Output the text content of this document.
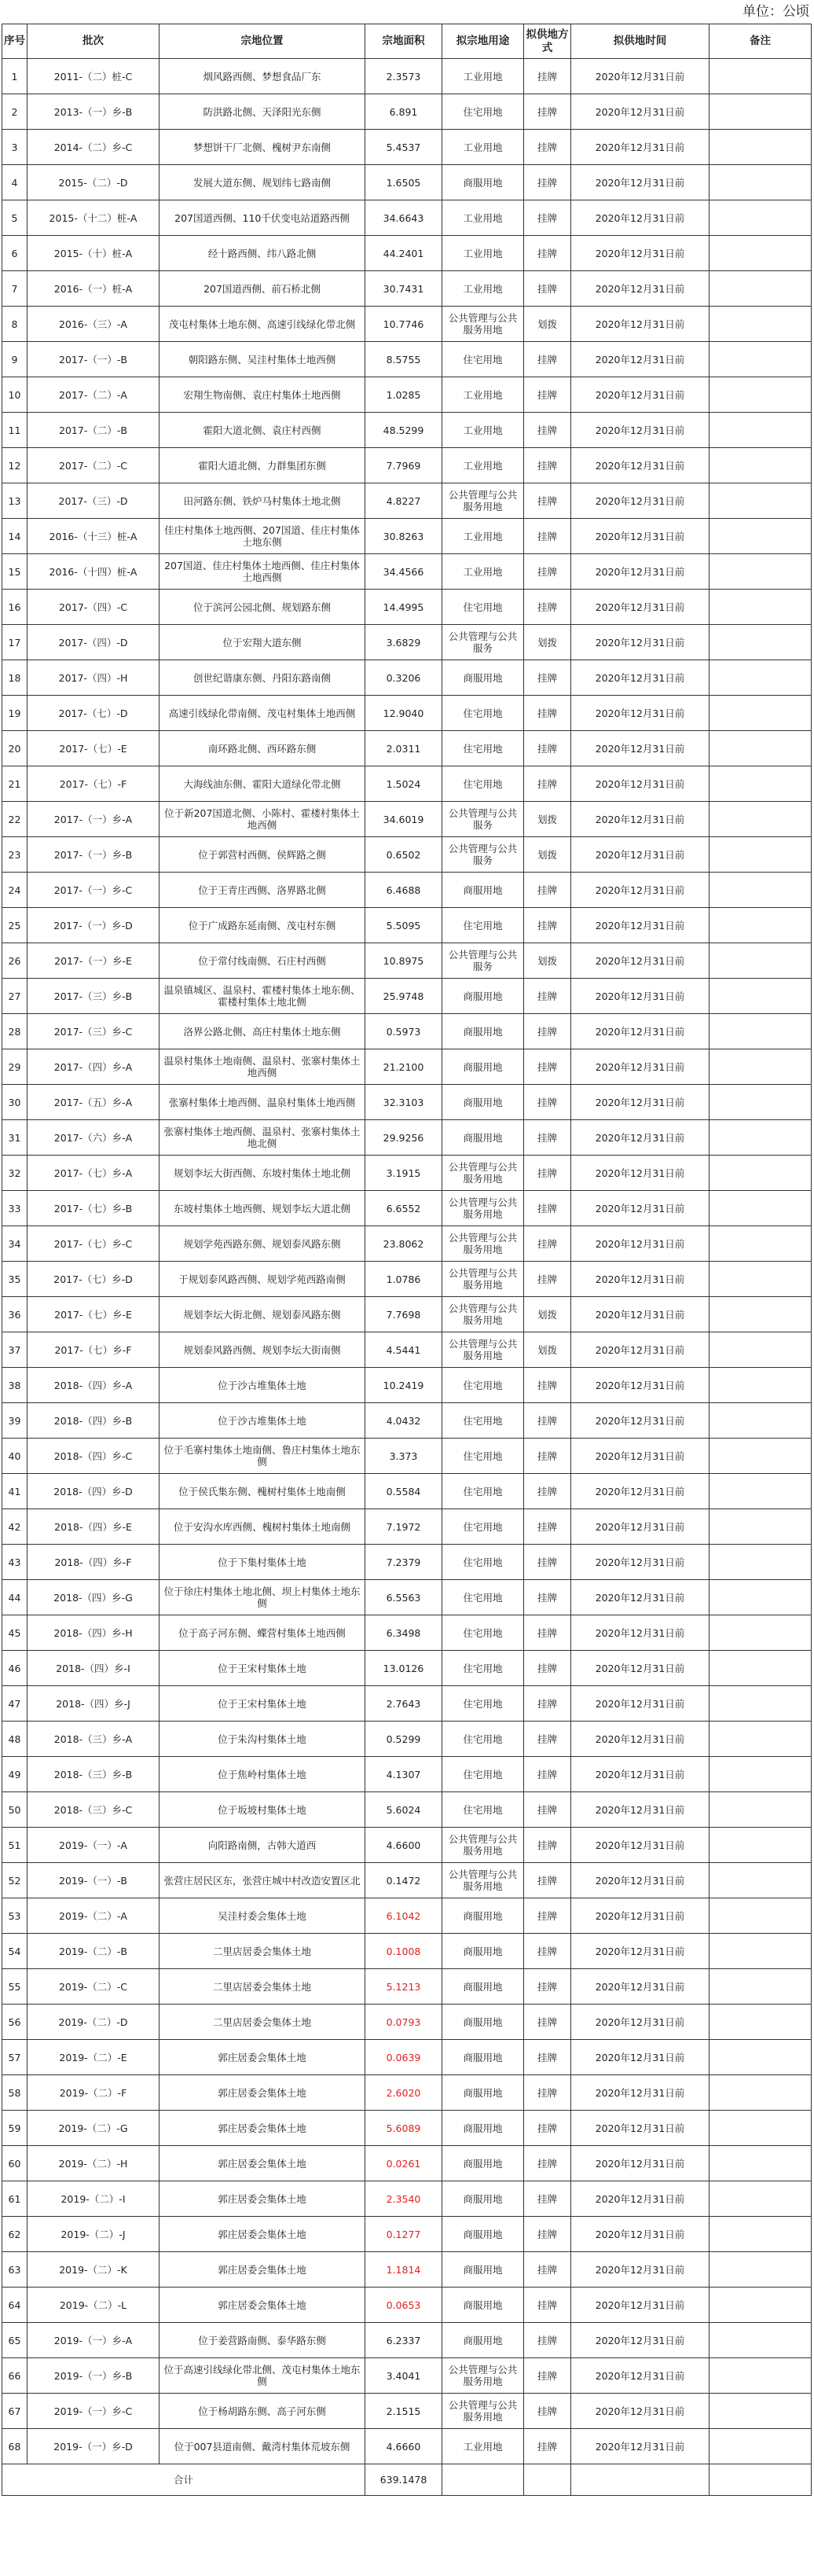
单位：公顷
序号	批次	宗地位置	宗地面积	拟宗地用途	拟供地方式	拟供地时间	备注
1	2011-（二）桩-C	烟风路西侧、梦想食品厂东	2.3573	工业用地	挂牌	2020年12月31日前	
2	2013-（一）乡-B	防洪路北侧、天泽阳光东侧	6.891	住宅用地	挂牌	2020年12月31日前	
3	2014-（二）乡-C	梦想饼干厂北侧、槐树尹东南侧	5.4537	工业用地	挂牌	2020年12月31日前	
4	2015-（二）-D	发展大道东侧、规划纬七路南侧	1.6505	商服用地	挂牌	2020年12月31日前	
5	2015-（十二）桩-A	207国道西侧、110千伏变电站道路西侧	34.6643	工业用地	挂牌	2020年12月31日前	
6	2015-（十）桩-A	经十路西侧、纬八路北侧	44.2401	工业用地	挂牌	2020年12月31日前	
7	2016-（一）桩-A	207国道西侧、前石桥北侧	30.7431	工业用地	挂牌	2020年12月31日前	
8	2016-（三）-A	茂屯村集体土地东侧、高速引线绿化带北侧	10.7746	公共管理与公共服务用地	划拨	2020年12月31日前	
9	2017-（一）-B	朝阳路东侧、吴洼村集体土地西侧	8.5755	住宅用地	挂牌	2020年12月31日前	
10	2017-（二）-A	宏翔生物南侧、袁庄村集体土地西侧	1.0285	工业用地	挂牌	2020年12月31日前	
11	2017-（二）-B	霍阳大道北侧、袁庄村西侧	48.5299	工业用地	挂牌	2020年12月31日前	
12	2017-（二）-C	霍阳大道北侧、力群集团东侧	7.7969	工业用地	挂牌	2020年12月31日前	
13	2017-（三）-D	田河路东侧、铁炉马村集体土地北侧	4.8227	公共管理与公共服务用地	挂牌	2020年12月31日前	
14	2016-（十三）桩-A	佳庄村集体土地西侧、207国道、佳庄村集体土地东侧	30.8263	工业用地	挂牌	2020年12月31日前	
15	2016-（十四）桩-A	207国道、佳庄村集体土地西侧、佳庄村集体土地西侧	34.4566	工业用地	挂牌	2020年12月31日前	
16	2017-（四）-C	位于滨河公园北侧、规划路东侧	14.4995	住宅用地	挂牌	2020年12月31日前	
17	2017-（四）-D	位于宏翔大道东侧	3.6829	公共管理与公共服务	划拨	2020年12月31日前	
18	2017-（四）-H	创世纪谐康东侧、丹阳东路南侧	0.3206	商服用地	挂牌	2020年12月31日前	
19	2017-（七）-D	高速引线绿化带南侧、茂屯村集体土地西侧	12.9040	住宅用地	挂牌	2020年12月31日前	
20	2017-（七）-E	南环路北侧、西环路东侧	2.0311	住宅用地	挂牌	2020年12月31日前	
21	2017-（七）-F	大海线油东侧、霍阳大道绿化带北侧	1.5024	住宅用地	挂牌	2020年12月31日前	
22	2017-（一）乡-A	位于新207国道北侧、小陈村、霍楼村集体土地西侧	34.6019	公共管理与公共服务	划拨	2020年12月31日前	
23	2017-（一）乡-B	位于郭营村西侧、侯辉路之侧	0.6502	公共管理与公共服务	划拨	2020年12月31日前	
24	2017-（一）乡-C	位于王青庄西侧、洛界路北侧	6.4688	商服用地	挂牌	2020年12月31日前	
25	2017-（一）乡-D	位于广成路东延南侧、茂屯村东侧	5.5095	住宅用地	挂牌	2020年12月31日前	
26	2017-（一）乡-E	位于常付线南侧、石庄村西侧	10.8975	公共管理与公共服务	划拨	2020年12月31日前	
27	2017-（三）乡-B	温泉镇城区、温泉村、霍楼村集体土地东侧、霍楼村集体土地北侧	25.9748	商服用地	挂牌	2020年12月31日前	
28	2017-（三）乡-C	洛界公路北侧、高庄村集体土地东侧	0.5973	商服用地	挂牌	2020年12月31日前	
29	2017-（四）乡-A	温泉村集体土地南侧、温泉村、张寨村集体土地西侧	21.2100	商服用地	挂牌	2020年12月31日前	
30	2017-（五）乡-A	张寨村集体土地西侧、温泉村集体土地西侧	32.3103	商服用地	挂牌	2020年12月31日前	
31	2017-（六）乡-A	张寨村集体土地西侧、温泉村、张寨村集体土地北侧	29.9256	商服用地	挂牌	2020年12月31日前	
32	2017-（七）乡-A	规划李坛大街西侧、东坡村集体土地北侧	3.1915	公共管理与公共服务用地	挂牌	2020年12月31日前	
33	2017-（七）乡-B	东坡村集体土地西侧、规划李坛大道北侧	6.6552	公共管理与公共服务用地	挂牌	2020年12月31日前	
34	2017-（七）乡-C	规划学苑西路东侧、规划泰风路东侧	23.8062	公共管理与公共服务用地	挂牌	2020年12月31日前	
35	2017-（七）乡-D	于规划泰风路西侧、规划学苑西路南侧	1.0786	公共管理与公共服务用地	挂牌	2020年12月31日前	
36	2017-（七）乡-E	规划李坛大街北侧、规划泰风路东侧	7.7698	公共管理与公共服务用地	划拨	2020年12月31日前	
37	2017-（七）乡-F	规划泰风路西侧、规划李坛大街南侧	4.5441	公共管理与公共服务用地	划拨	2020年12月31日前	
38	2018-（四）乡-A	位于沙古堆集体土地	10.2419	住宅用地	挂牌	2020年12月31日前	
39	2018-（四）乡-B	位于沙古堆集体土地	4.0432	住宅用地	挂牌	2020年12月31日前	
40	2018-（四）乡-C	位于毛寨村集体土地南侧、鲁庄村集体土地东侧	3.373	住宅用地	挂牌	2020年12月31日前	
41	2018-（四）乡-D	位于侯氏集东侧、槐树村集体土地南侧	0.5584	住宅用地	挂牌	2020年12月31日前	
42	2018-（四）乡-E	位于安沟水库西侧、槐树村集体土地南侧	7.1972	住宅用地	挂牌	2020年12月31日前	
43	2018-（四）乡-F	位于下集村集体土地	7.2379	住宅用地	挂牌	2020年12月31日前	
44	2018-（四）乡-G	位于徐庄村集体土地北侧、坝上村集体土地东侧	6.5563	住宅用地	挂牌	2020年12月31日前	
45	2018-（四）乡-H	位于高子河东侧、蝶营村集体土地西侧	6.3498	住宅用地	挂牌	2020年12月31日前	
46	2018-（四）乡-I	位于王宋村集体土地	13.0126	住宅用地	挂牌	2020年12月31日前	
47	2018-（四）乡-J	位于王宋村集体土地	2.7643	住宅用地	挂牌	2020年12月31日前	
48	2018-（三）乡-A	位于朱沟村集体土地	0.5299	住宅用地	挂牌	2020年12月31日前	
49	2018-（三）乡-B	位于焦岭村集体土地	4.1307	住宅用地	挂牌	2020年12月31日前	
50	2018-（三）乡-C	位于坂坡村集体土地	5.6024	住宅用地	挂牌	2020年12月31日前	
51	2019-（一）-A	向阳路南侧，古韩大道西	4.6600	公共管理与公共服务用地	挂牌	2020年12月31日前	
52	2019-（一）-B	张营庄居民区东，张营庄城中村改造安置区北	0.1472	公共管理与公共服务用地	挂牌	2020年12月31日前	
53	2019-（二）-A	吴洼村委会集体土地	6.1042	商服用地	挂牌	2020年12月31日前	
54	2019-（二）-B	二里店居委会集体土地	0.1008	商服用地	挂牌	2020年12月31日前	
55	2019-（二）-C	二里店居委会集体土地	5.1213	商服用地	挂牌	2020年12月31日前	
56	2019-（二）-D	二里店居委会集体土地	0.0793	商服用地	挂牌	2020年12月31日前	
57	2019-（二）-E	郭庄居委会集体土地	0.0639	商服用地	挂牌	2020年12月31日前	
58	2019-（二）-F	郭庄居委会集体土地	2.6020	商服用地	挂牌	2020年12月31日前	
59	2019-（二）-G	郭庄居委会集体土地	5.6089	商服用地	挂牌	2020年12月31日前	
60	2019-（二）-H	郭庄居委会集体土地	0.0261	商服用地	挂牌	2020年12月31日前	
61	2019-（二）-I	郭庄居委会集体土地	2.3540	商服用地	挂牌	2020年12月31日前	
62	2019-（二）-J	郭庄居委会集体土地	0.1277	商服用地	挂牌	2020年12月31日前	
63	2019-（二）-K	郭庄居委会集体土地	1.1814	商服用地	挂牌	2020年12月31日前	
64	2019-（二）-L	郭庄居委会集体土地	0.0653	商服用地	挂牌	2020年12月31日前	
65	2019-（一）乡-A	位于姜营路南侧、泰华路东侧	6.2337	商服用地	挂牌	2020年12月31日前	
66	2019-（一）乡-B	位于高速引线绿化带北侧、茂屯村集体土地东侧	3.4041	公共管理与公共服务用地	挂牌	2020年12月31日前	
67	2019-（一）乡-C	位于杨胡路东侧、高子河东侧	2.1515	公共管理与公共服务用地	挂牌	2020年12月31日前	
68	2019-（一）乡-D	位于007县道南侧、戴湾村集体荒坡东侧	4.6660	工业用地	挂牌	2020年12月31日前	
合计			639.1478				
